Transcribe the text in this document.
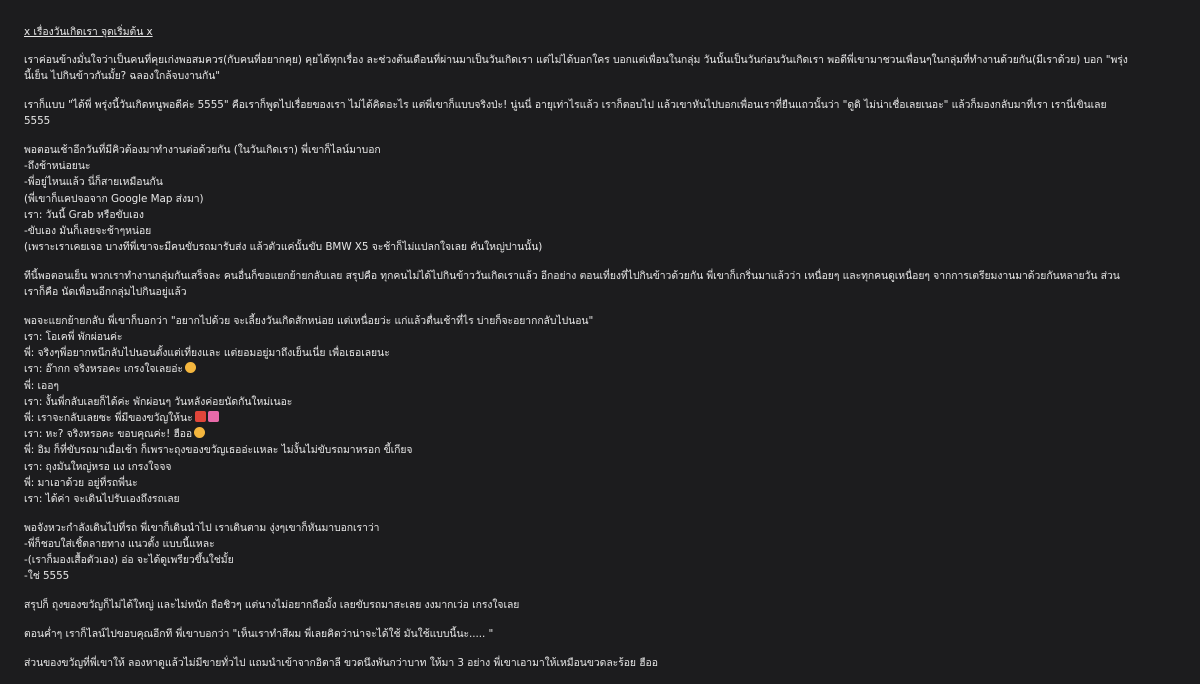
x เรื่องวันเกิดเรา จุดเริ่มต้น x
เราค่อนข้างมั่นใจว่าเป็นคนที่คุยเก่งพอสมควร(กับคนที่อยากคุย) คุยได้ทุกเรื่อง ละช่วงต้นเดือนที่ผ่านมาเป็นวันเกิดเรา แต่ไม่ได้บอกใคร บอกแต่เพื่อนในกลุ่ม วันนั้นเป็นวันก่อนวันเกิดเรา พอดีพี่เขามาชวนเพื่อนๆในกลุ่มที่ทำงานด้วยกัน(มีเราด้วย) บอก "พรุ่ง
นี้เย็น ไปกินข้าวกันมั้ย? ฉลองใกล้จบงานกัน"
เราก็แบบ "ได้พี่ พรุ่งนี้วันเกิดหนูพอดีค่ะ 5555" คือเราก็พูดไปเรื่อยของเรา ไม่ได้คิดอะไร แต่พี่เขาก็แบบจริงป่ะ! นู่นนี่ อายุเท่าไรแล้ว เราก็ตอบไป แล้วเขาหันไปบอกเพื่อนเราที่ยืนแถวนั้นว่า "ดูดิ ไม่น่าเชื่อเลยเนอะ" แล้วก็มองกลับมาที่เรา เรานี่เขินเลย
5555
พอตอนเช้าอีกวันที่มีคิวต้องมาทำงานต่อด้วยกัน (ในวันเกิดเรา) พี่เขาก็ไลน์มาบอก
-ถึงช้าหน่อยนะ
-พี่อยู่ไหนแล้ว นี่ก็สายเหมือนกัน
(พี่เขาก็แคปจอจาก Google Map ส่งมา)
เรา: วันนี้ Grab หรือขับเอง
-ขับเอง มันก็เลยจะช้าๆหน่อย
(เพราะเราเคยเจอ บางทีพี่เขาจะมีคนขับรถมารับส่ง แล้วตัวแค่นั้นขับ BMW X5 จะช้าก็ไม่แปลกใจเลย คันใหญ่ปานนั้น)
ทีนี้พอตอนเย็น พวกเราทำงานกลุ่มกันเสร็จละ คนอื่นก็ขอแยกย้ายกลับเลย สรุปคือ ทุกคนไม่ได้ไปกินข้าววันเกิดเราแล้ว อีกอย่าง ตอนเที่ยงที่ไปกินข้าวด้วยกัน พี่เขาก็เกริ่นมาแล้วว่า เหนื่อยๆ และทุกคนดูเหนื่อยๆ จากการเตรียมงานมาด้วยกันหลายวัน ส่วน
เราก็คือ นัดเพื่อนอีกกลุ่มไปกินอยู่แล้ว
พอจะแยกย้ายกลับ พี่เขาก็บอกว่า "อยากไปด้วย จะเลี้ยงวันเกิดสักหน่อย แต่เหนื่อยว่ะ แก่แล้วตื่นเช้าที่ไร บ่ายก็จะอยากกลับไปนอน"
เรา: โอเคพี่ พักผ่อนค่ะ
พี่: จริงๆพี่อยากหนีกลับไปนอนตั้งแต่เที่ยงและ แต่ยอมอยู่มาถึงเย็นเนี่ย เพื่อเธอเลยนะ
เรา: อ๊ากก จริงหรอคะ เกรงใจเลยอ่ะ
พี่: เออๆ
เรา: งั้นพี่กลับเลยก็ได้ค่ะ พักผ่อนๆ วันหลังค่อยนัดกันใหม่เนอะ
พี่: เราจะกลับเลยซะ พี่มีของขวัญให้นะ
เรา: หะ? จริงหรอคะ ขอบคุณค่ะ! ฮืออ
พี่: อิม ก็ที่ขับรถมาเมื่อเช้า ก็เพราะถุงของขวัญเธออ่ะแหละ ไม่งั้นไม่ขับรถมาหรอก ขี้เกียจ
เรา: ถุงมันใหญ่หรอ แง เกรงใจจจ
พี่: มาเอาด้วย อยู่ที่รถพี่นะ
เรา: ได้ค่า จะเดินไปรับเองถึงรถเลย
พอจังหวะกำลังเดินไปที่รถ พี่เขาก็เดินนำไป เราเดินตาม งุ่งๆเขาก็หันมาบอกเราว่า
-พี่ก็ชอบใส่เชิ้ตลายทาง แนวตั้ง แบบนี้แหละ
-(เราก็มองเสื้อตัวเอง) อ่อ จะได้ดูเพรียวขึ้นใช่มั้ย
-ใช่ 5555
สรุปก็ ถุงของขวัญก็ไม่ได้ใหญ่ และไม่หนัก ถือชิวๆ แต่นางไม่อยากถือมั้ง เลยขับรถมาสะเลย งงมากเว่อ เกรงใจเลย
ตอนค่ำๆ เราก็ไลน์ไปขอบคุณอีกที พี่เขาบอกว่า "เห็นเราทำสีผม พี่เลยคิดว่าน่าจะได้ใช้ มันใช้แบบนี้นะ..... "
ส่วนของขวัญที่พี่เขาให้ ลองหาดูแล้วไม่มีขายทั่วไป แถมนำเข้าจากอิตาลี ขวดนึงพันกว่าบาท ให้มา 3 อย่าง พี่เขาเอามาให้เหมือนขวดละร้อย ฮืออ
